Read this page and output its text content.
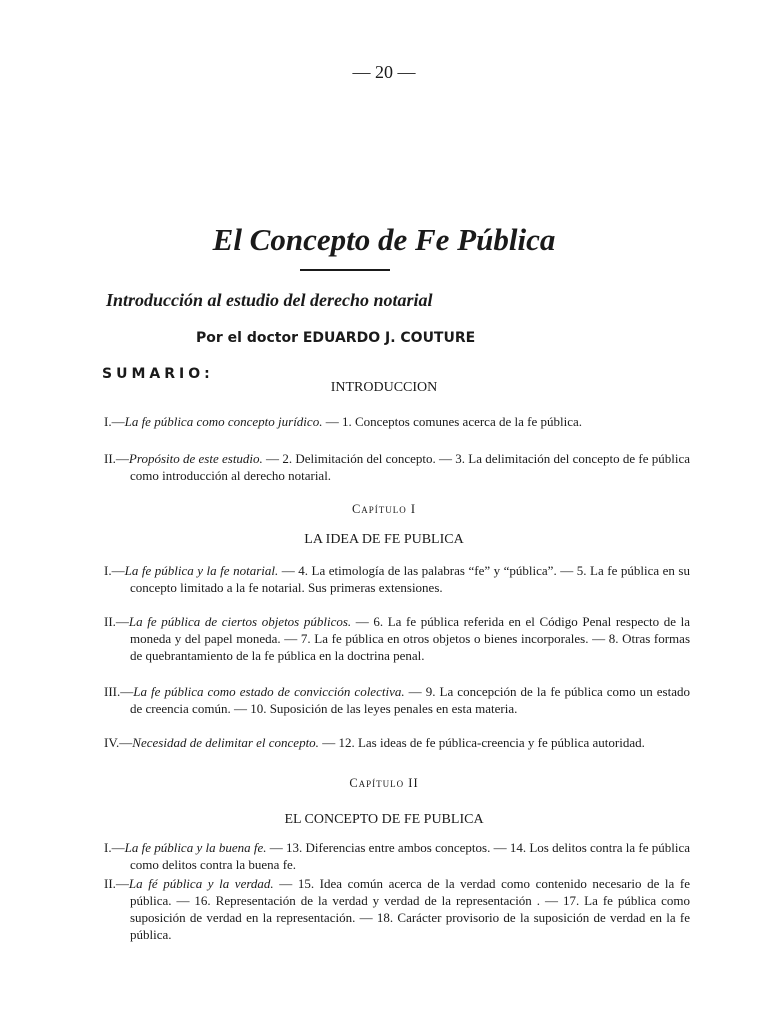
— 20 —
El Concepto de Fe Pública
Introducción al estudio del derecho notarial
Por el doctor EDUARDO J. COUTURE
SUMARIO:
INTRODUCCION
I.—La fe pública como concepto jurídico. — 1. Conceptos comunes acerca de la fe pública.
II.—Propósito de este estudio. — 2. Delimitación del concepto. — 3. La delimitación del concepto de fe pública como introducción al derecho notarial.
Capítulo I
LA IDEA DE FE PUBLICA
I.—La fe pública y la fe notarial. — 4. La etimología de las palabras “fe” y “pública”. — 5. La fe pública en su concepto limitado a la fe notarial. Sus primeras extensiones.
II.—La fe pública de ciertos objetos públicos. — 6. La fe pública referida en el Código Penal respecto de la moneda y del papel moneda. — 7. La fe pública en otros objetos o bienes incorporales. — 8. Otras formas de quebrantamiento de la fe pública en la doctrina penal.
III.—La fe pública como estado de convicción colectiva. — 9. La concepción de la fe pública como un estado de creencia común. — 10. Suposición de las leyes penales en esta materia.
IV.—Necesidad de delimitar el concepto. — 12. Las ideas de fe pública-creencia y fe pública autoridad.
Capítulo II
EL CONCEPTO DE FE PUBLICA
I.—La fe pública y la buena fe. — 13. Diferencias entre ambos conceptos. — 14. Los delitos contra la fe pública como delitos contra la buena fe.
II.—La fé pública y la verdad. — 15. Idea común acerca de la verdad como contenido necesario de la fe pública. — 16. Representación de la verdad y verdad de la representación . — 17. La fe pública como suposición de verdad en la representación. — 18. Carácter provisorio de la suposición de verdad en la fe pública.
